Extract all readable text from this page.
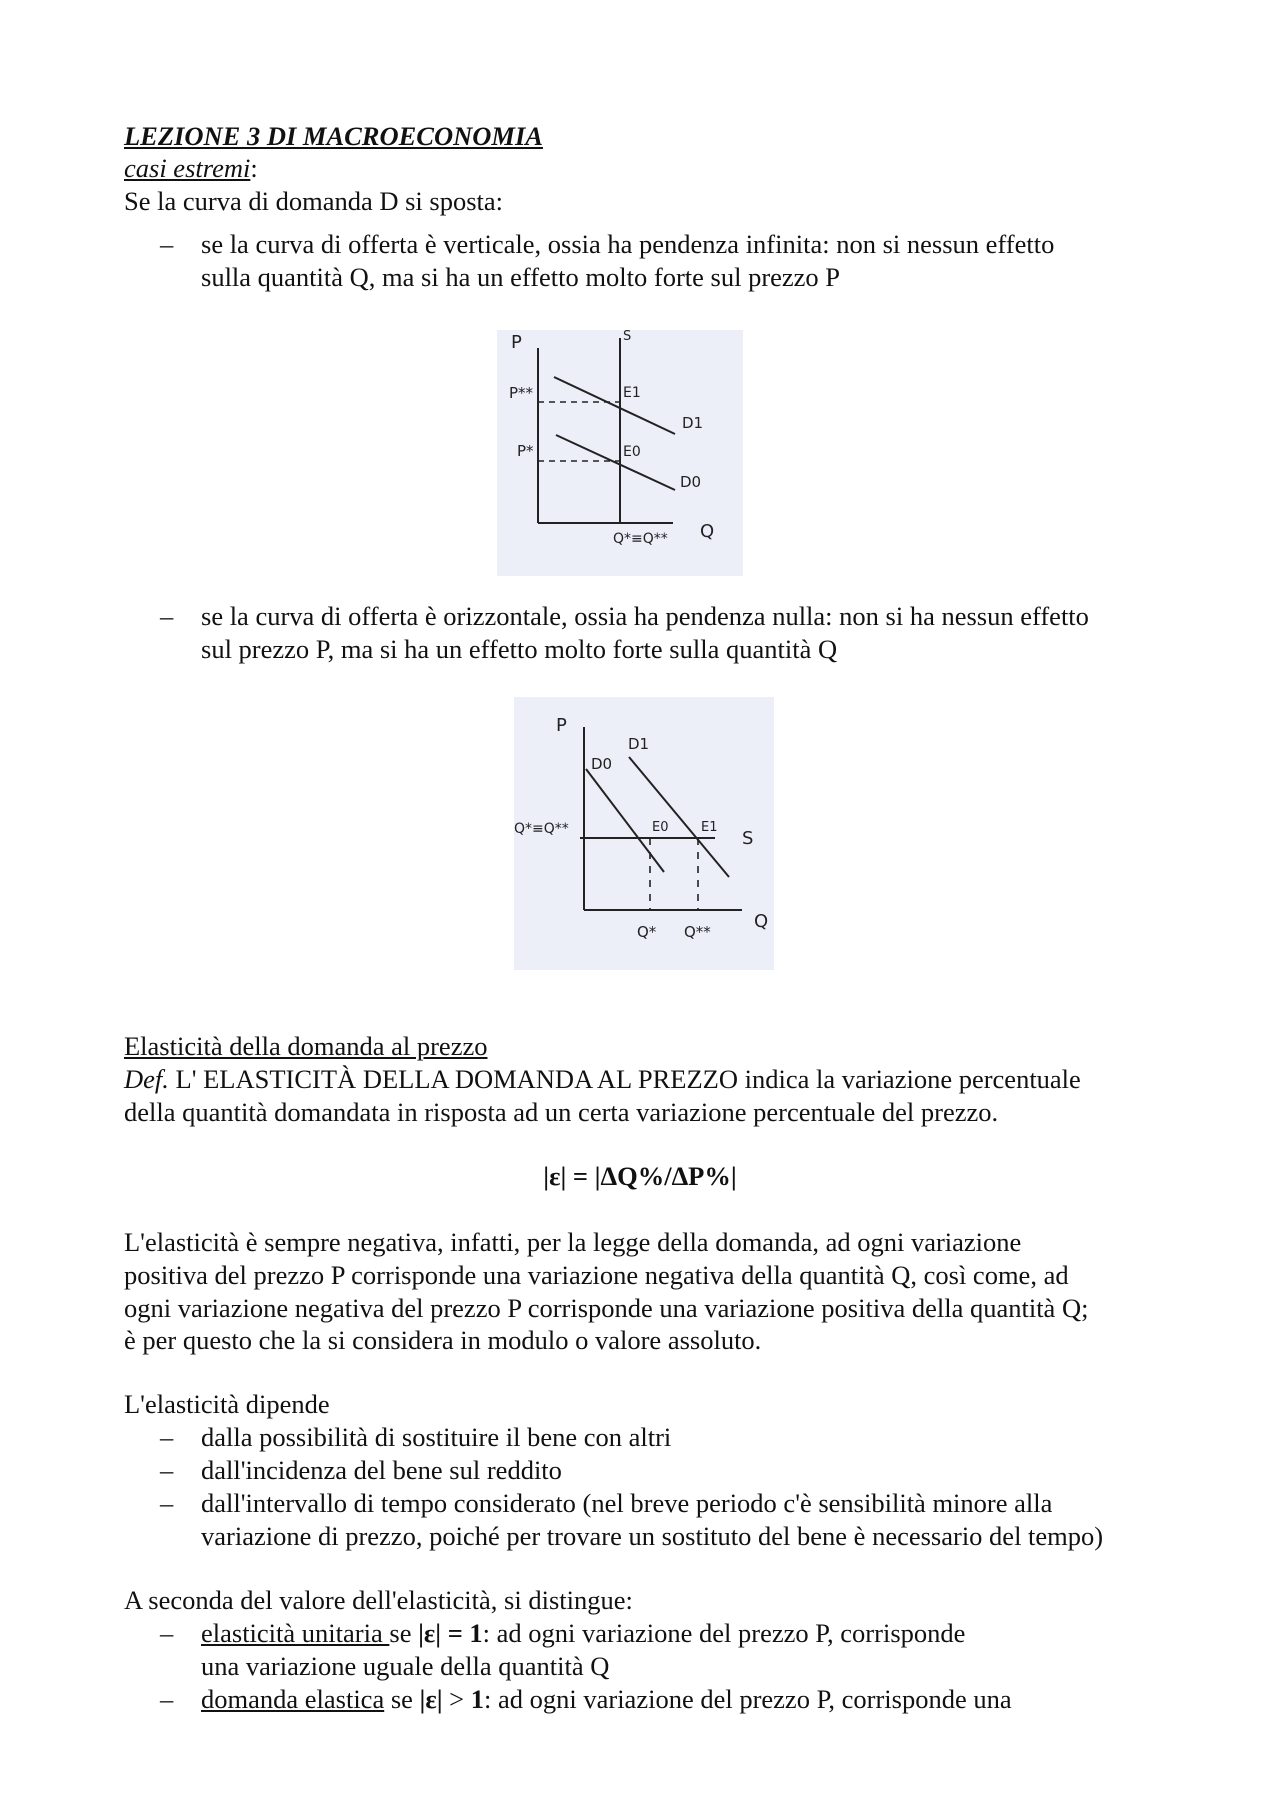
LEZIONE 3 DI MACROECONOMIA
casi estremi:
Se la curva di domanda D si sposta:
– se la curva di offerta è verticale, ossia ha pendenza infinita: non si nessun effetto
sulla quantità Q, ma si ha un effetto molto forte sul prezzo P
P	S
P**
P*
E1
E0
D1
D0
Q*≡Q** Q
– se la curva di offerta è orizzontale, ossia ha pendenza nulla: non si ha nessun effetto
sul prezzo P, ma si ha un effetto molto forte sulla quantità Q
P
D1
D0
Q*≡Q**	E0	E1
S
Q* Q** Q
Elasticità della domanda al prezzo
Def. L' ELASTICITÀ DELLA DOMANDA AL PREZZO indica la variazione percentuale
della quantità domandata in risposta ad un certa variazione percentuale del prezzo.
|ε| = |ΔQ%/ΔP%|
L'elasticità è sempre negativa, infatti, per la legge della domanda, ad ogni variazione
positiva del prezzo P corrisponde una variazione negativa della quantità Q, così come, ad
ogni variazione negativa del prezzo P corrisponde una variazione positiva della quantità Q;
è per questo che la si considera in modulo o valore assoluto.
L'elasticità dipende
– dalla possibilità di sostituire il bene con altri
– dall'incidenza del bene sul reddito
– dall'intervallo di tempo considerato (nel breve periodo c'è sensibilità minore alla
variazione di prezzo, poiché per trovare un sostituto del bene è necessario del tempo)
A seconda del valore dell'elasticità, si distingue:
– elasticità unitaria se |ε| = 1: ad ogni variazione del prezzo P, corrisponde
una variazione uguale della quantità Q
– domanda elastica se |ε| > 1: ad ogni variazione del prezzo P, corrisponde una
